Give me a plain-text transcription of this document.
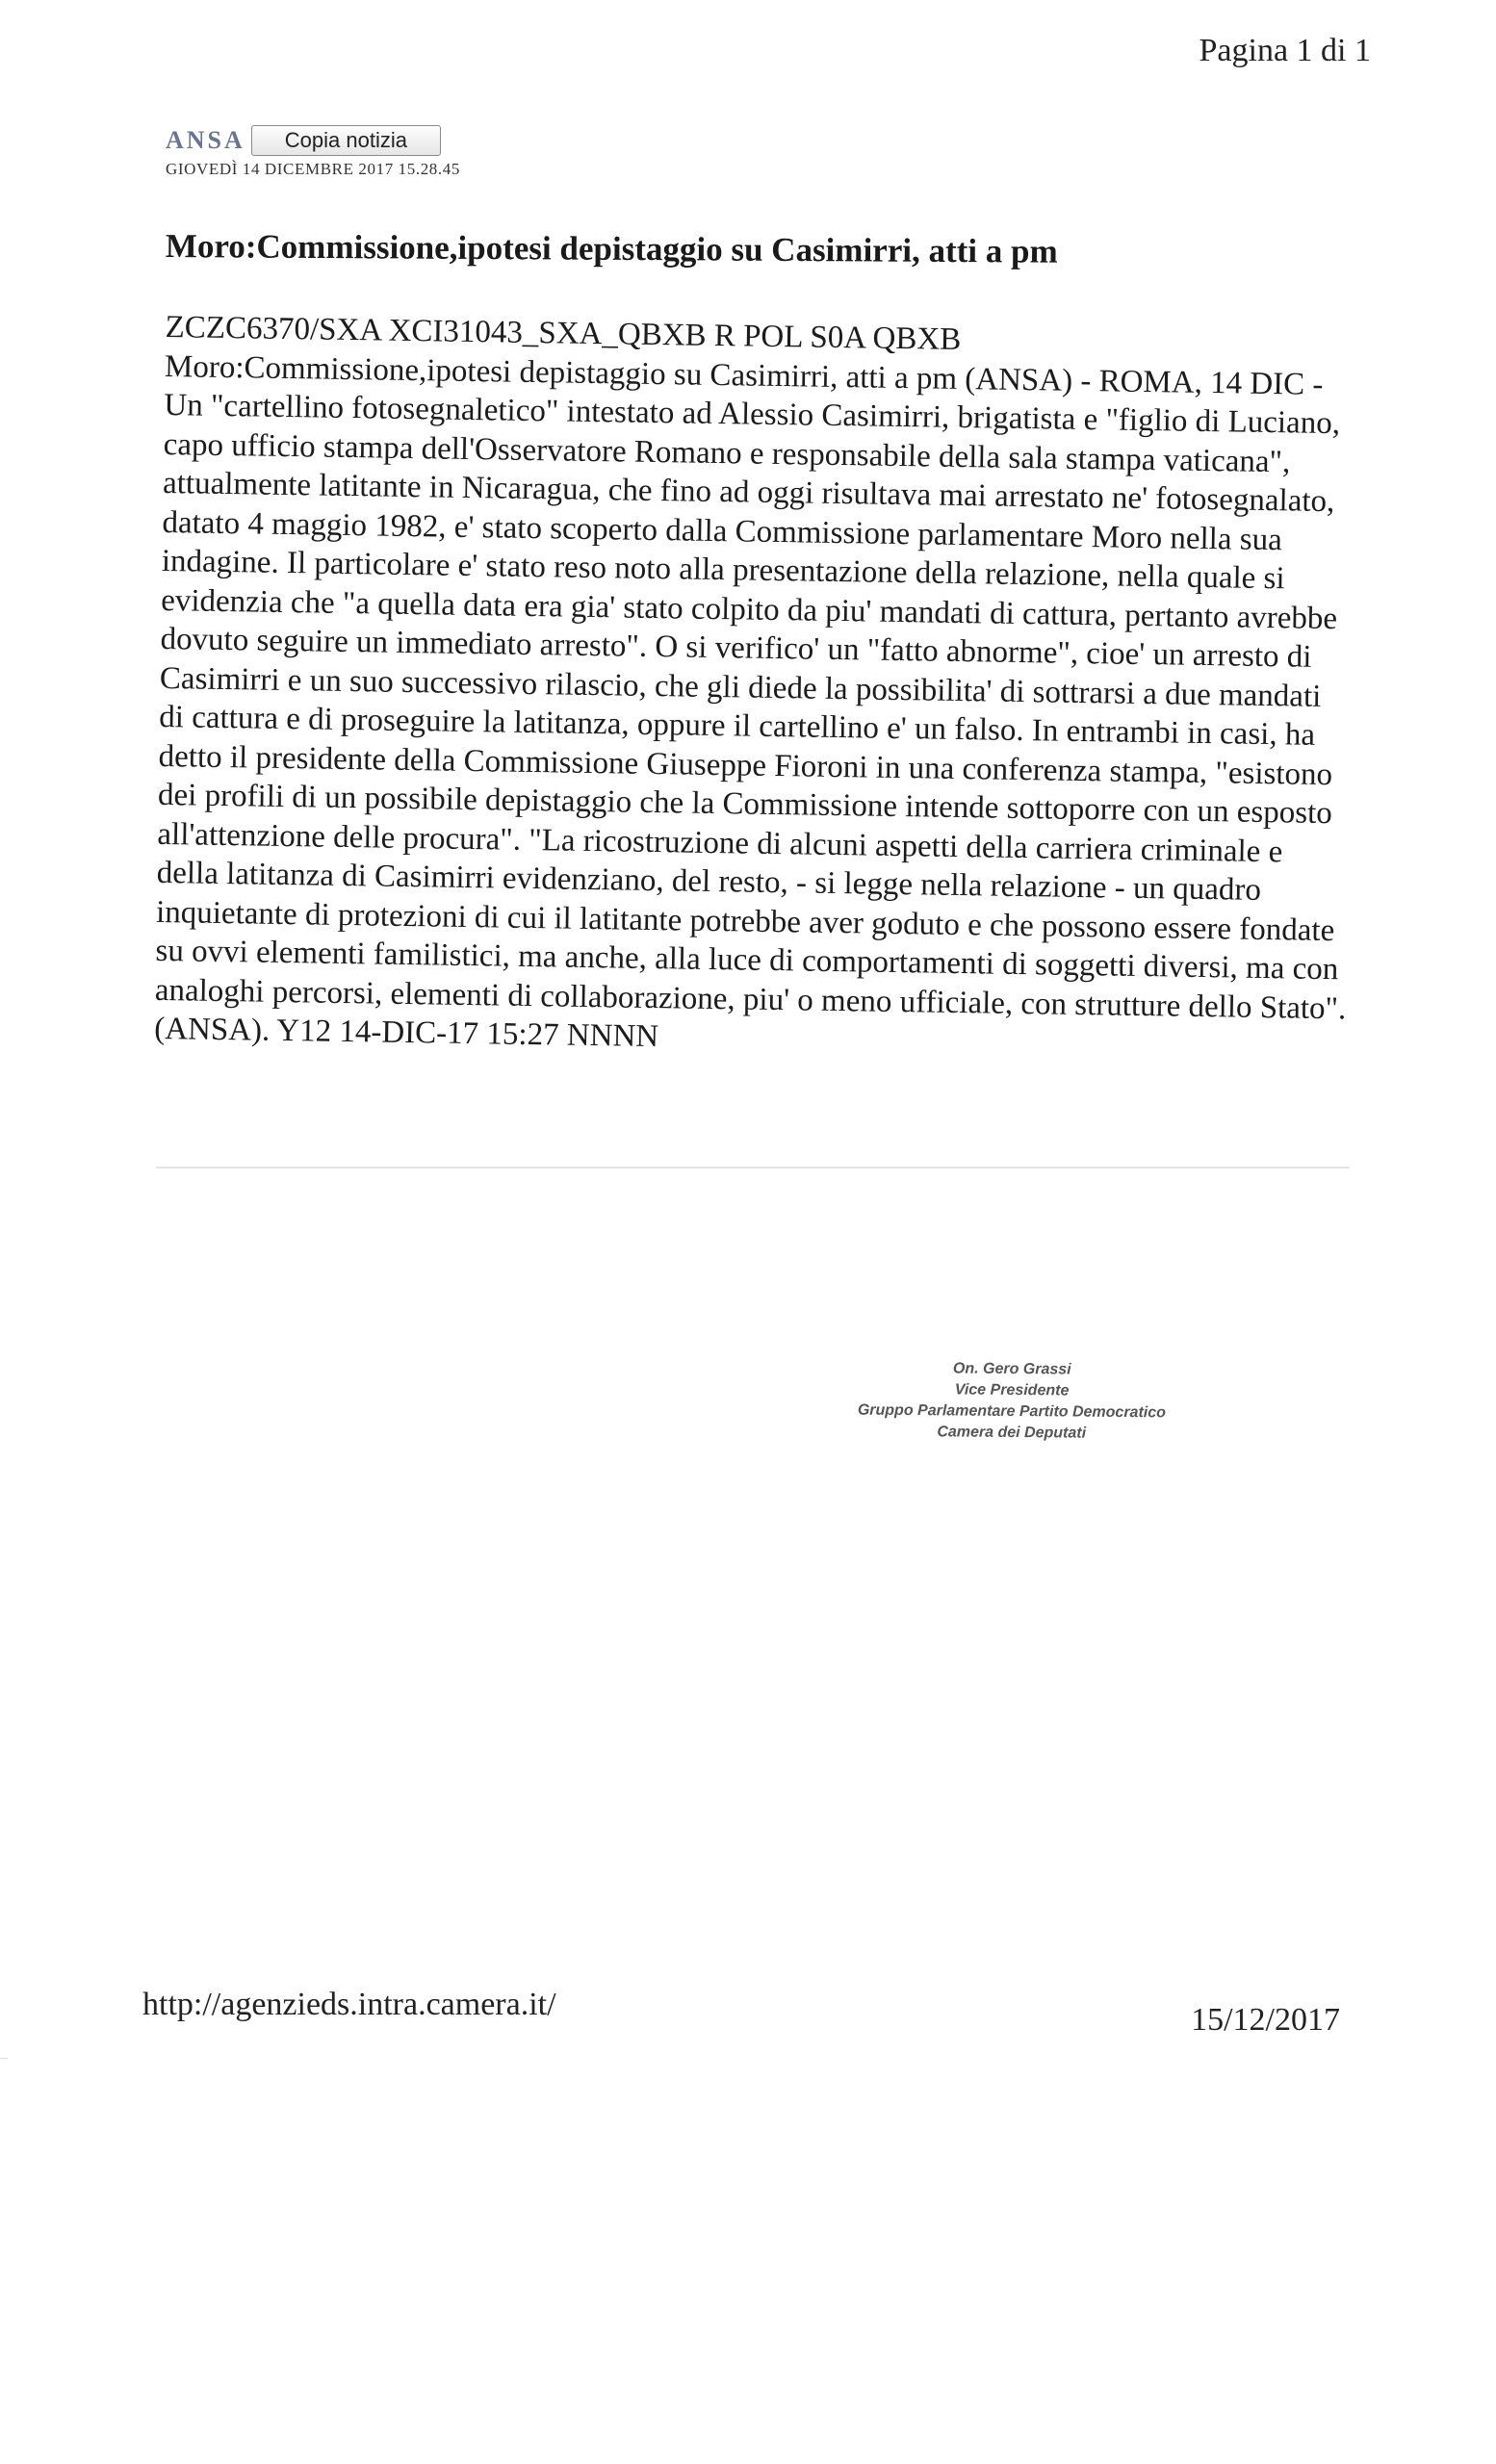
Pagina 1 di 1
ANSA	Copia notizia
GIOVEDÌ 14 DICEMBRE 2017 15.28.45
Moro:Commissione,ipotesi depistaggio su Casimirri, atti a pm

ZCZC6370/SXA XCI31043_SXA_QBXB R POL S0A QBXB

Moro:Commissione,ipotesi depistaggio su Casimirri, atti a pm (ANSA) - ROMA, 14 DIC - Un "cartellino fotosegnaletico" intestato ad Alessio Casimirri, brigatista e "figlio di Luciano, capo ufficio stampa dell'Osservatore Romano e responsabile della sala stampa vaticana", attualmente latitante in Nicaragua, che fino ad oggi risultava mai arrestato ne' fotosegnalato, datato 4 maggio 1982, e' stato scoperto dalla Commissione parlamentare Moro nella sua indagine. Il particolare e' stato reso noto alla presentazione della relazione, nella quale si evidenzia che "a quella data era gia' stato colpito da piu' mandati di cattura, pertanto avrebbe dovuto seguire un immediato arresto". O si verifico' un "fatto abnorme", cioe' un arresto di Casimirri e un suo successivo rilascio, che gli diede la possibilita' di sottrarsi a due mandati di cattura e di proseguire la latitanza, oppure il cartellino e' un falso. In entrambi in casi, ha detto il presidente della Commissione Giuseppe Fioroni in una conferenza stampa, "esistono dei profili di un possibile depistaggio che la Commissione intende sottoporre con un esposto all'attenzione delle procura". "La ricostruzione di alcuni aspetti della carriera criminale e della latitanza di Casimirri evidenziano, del resto, - si legge nella relazione - un quadro inquietante di protezioni di cui il latitante potrebbe aver goduto e che possono essere fondate su ovvi elementi familistici, ma anche, alla luce di comportamenti di soggetti diversi, ma con analoghi percorsi, elementi di collaborazione, piu' o meno ufficiale, con strutture dello Stato". (ANSA). Y12 14-DIC-17 15:27 NNNN

On. Gero Grassi
Vice Presidente
Gruppo Parlamentare Partito Democratico
Camera dei Deputati
http://agenzieds.intra.camera.it/	15/12/2017
